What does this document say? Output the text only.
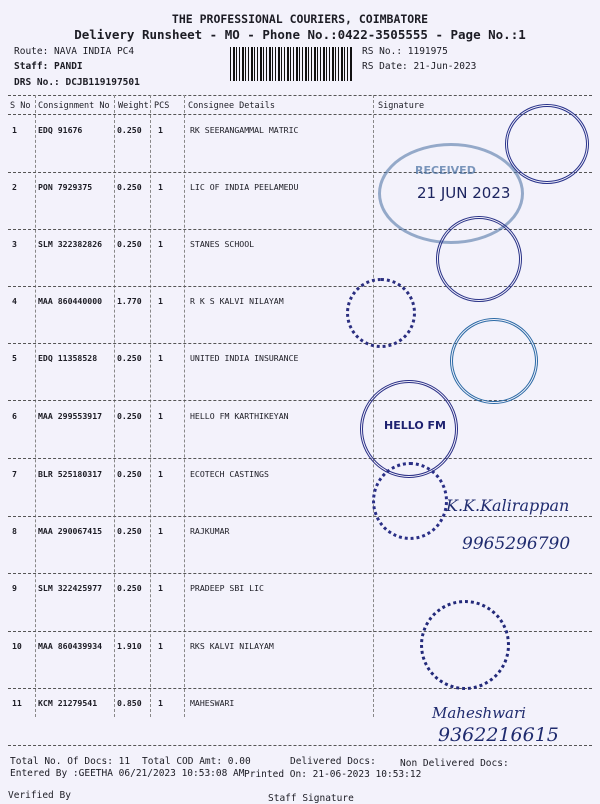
THE PROFESSIONAL COURIERS, COIMBATORE
Delivery Runsheet - MO - Phone No.:0422-3505555 - Page No.:1
Route: NAVA INDIA PC4
Staff: PANDI
DRS No.: DCJB119197501
RS No.: 1191975
RS Date: 21-Jun-2023
S No Consignment No Weight PCS Consignee Details	Signature
1	EDQ 91676	0.250 1	RK SEERANGAMMAL MATRIC
2	PON 7929375	0.250 1	LIC OF INDIA PEELAMEDU
3	SLM 322382826 0.250 1	STANES SCHOOL
4	MAA 860440000 1.770 1	R K S KALVI NILAYAM
5	EDQ 11358528 0.250 1	UNITED INDIA INSURANCE
6	MAA 299553917 0.250 1	HELLO FM KARTHIKEYAN
7	BLR 525180317 0.250 1	ECOTECH CASTINGS
8	MAA 290067415 0.250 1	RAJKUMAR
9	SLM 322425977 0.250 1	PRADEEP SBI LIC
10 MAA 860439934 1.910 1	RKS KALVI NILAYAM
11 KCM 21279541 0.850 1	MAHESWARI
Total No. Of Docs: 11 Total COD Amt: 0.00	Delivered Docs:	Non Delivered Docs:
Entered By :GEETHA 06/21/2023 10:53:08 AM Printed On: 21-06-2023 10:53:12
Verified By	Staff Signature
RECEIVED
21 JUN 2023
HELLO FM
K.K.Kalirappan
9965296790
Maheshwari
9362216615
